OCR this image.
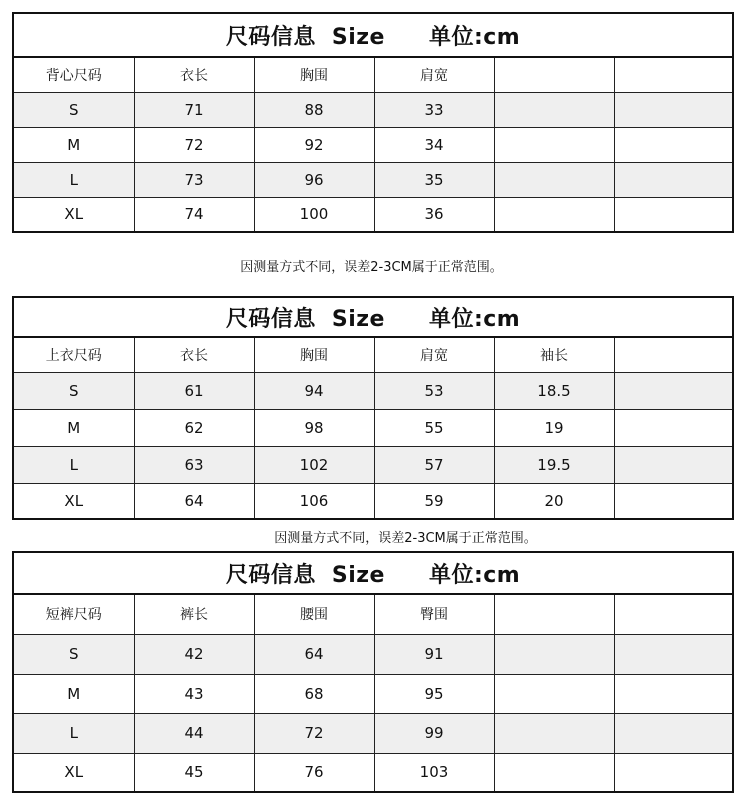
尺码信息 Size 单位:cm					
背心尺码	衣长	胸围	肩宽		
S	71	88	33		
M	72	92	34		
L	73	96	35		
XL	74	100	36		
因测量方式不同，误差2-3CM属于正常范围。
尺码信息 Size 单位:cm					
上衣尺码	衣长	胸围	肩宽	袖长	
S	61	94	53	18.5	
M	62	98	55	19	
L	63	102	57	19.5	
XL	64	106	59	20	
因测量方式不同，误差2-3CM属于正常范围。
尺码信息 Size 单位:cm					
短裤尺码	裤长	腰围	臀围		
S	42	64	91		
M	43	68	95		
L	44	72	99		
XL	45	76	103		
